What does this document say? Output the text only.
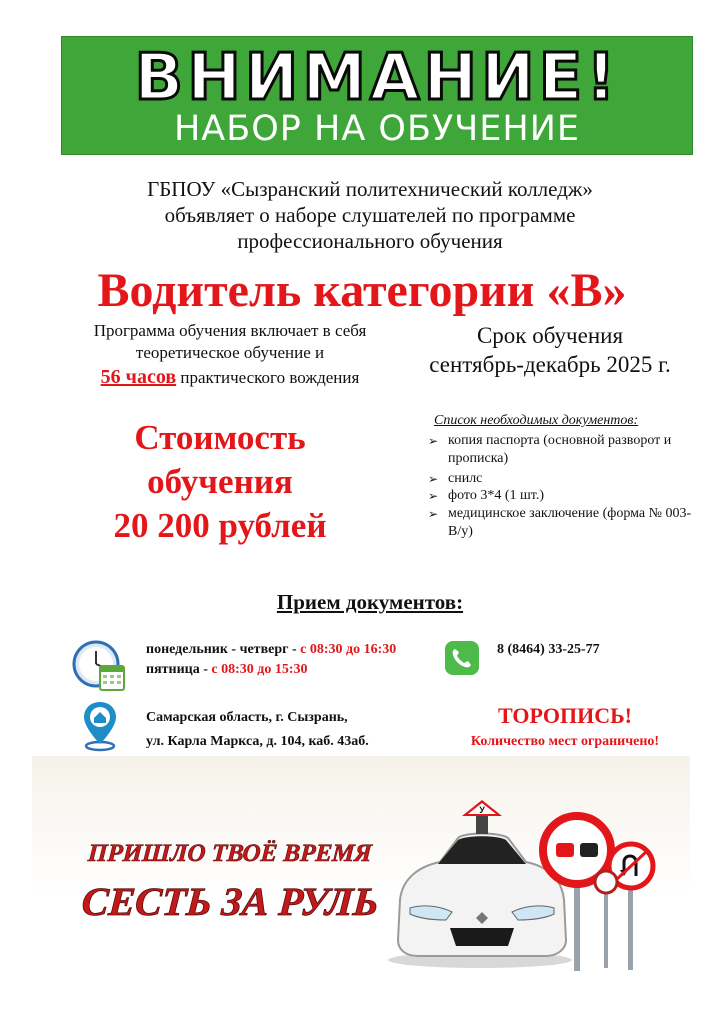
ВНИМАНИЕ!
НАБОР НА ОБУЧЕНИЕ
ГБПОУ «Сызранский политехнический колледж»
объявляет о наборе слушателей по программе
профессионального обучения
Водитель категории «В»
Программа обучения включает в себя
теоретическое обучение и
56 часов практического вождения
Срок обучения
сентябрь-декабрь 2025 г.
Стоимость
обучения
20 200 рублей
Список необходимых документов:
➢ копия паспорта (основной разворот и прописка)
➢ снилс
➢ фото 3*4 (1 шт.)
➢ медицинское заключение (форма № 003-В/у)
Прием документов:
понедельник - четверг - с 08:30 до 16:30
пятница - с 08:30 до 15:30
8 (8464) 33-25-77
Самарская область, г. Сызрань,
ул. Карла Маркса, д. 104, каб. 43аб.
ТОРОПИСЬ!
Количество мест ограничено!
ПРИШЛО ТВОЁ ВРЕМЯ
СЕСТЬ ЗА РУЛЬ
У
